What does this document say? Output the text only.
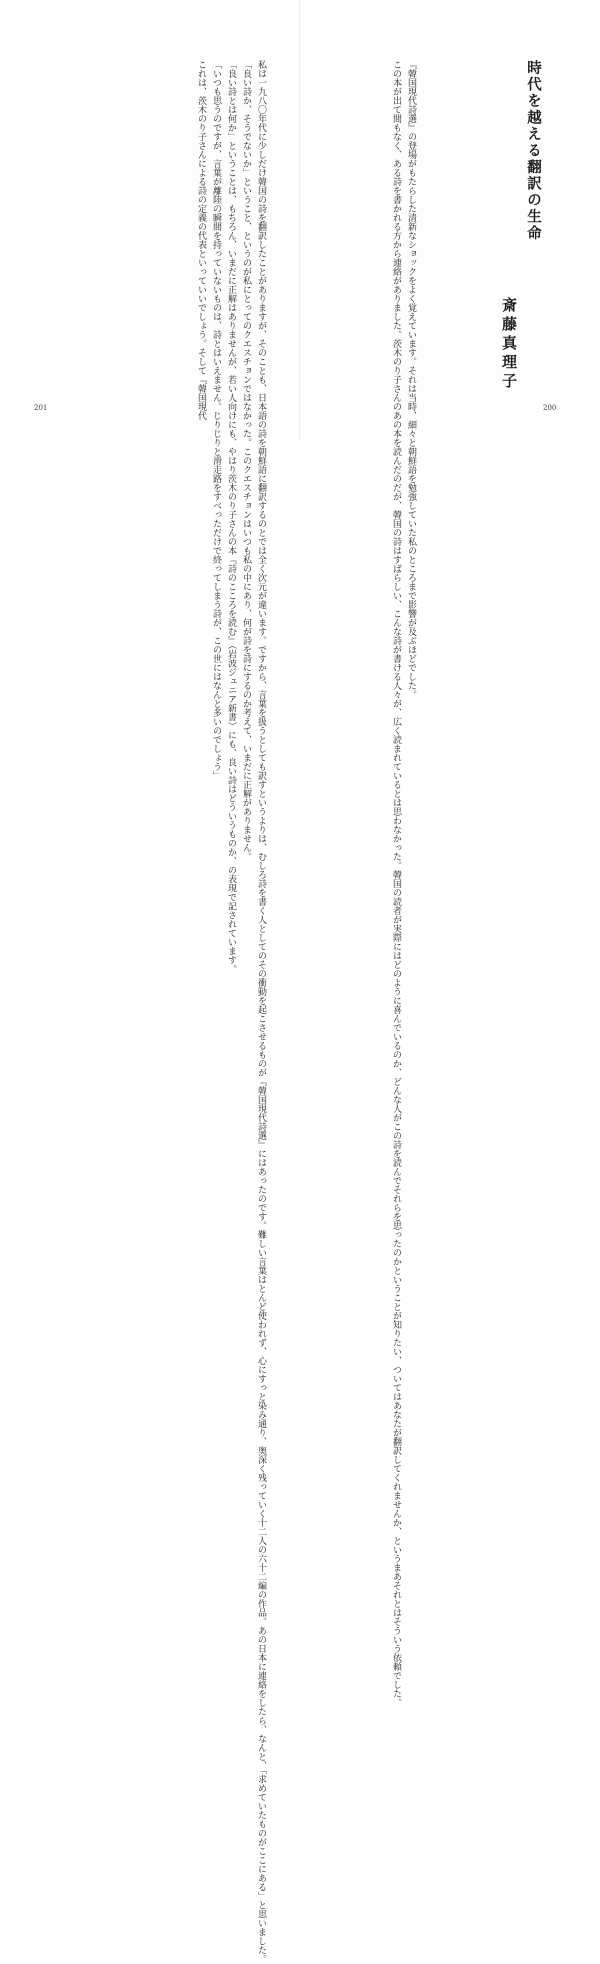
私は一九八〇年代に少しだけ韓国の詩を翻訳したことがありますが、そのことも、日本語の詩を朝鮮語に翻訳するのとでは全く次元が違います。ですから、言葉を扱うとしても訳すというよりは、むしろ詩を書く人としてのその衝動を起こさせるものが『韓国現代詩選』にはあったのです。難しい言葉はとんど使われず、心にすっと染み通り、奥深く残っていく十二人の六十二編の作品。あの日本に連絡をしたら、なんと、「求めていたものがここにある」と思いました。

「良い詩か、そうでないか」ということ、というのが私にとってのクエスチョンではなかった。このクエスチョンはいつも私の中にあり、何が詩を詩にするのか考えて、いまだに正解がありません。

「良い詩とは何か」ということは、もちろん、いまだに正解はありませんが、若い人向けにも、やはり茨木のり子さんの本『詩のこころを読む』（岩波ジュニア新書）にも、良い詩はどういうものか、の表現で記されています。

「いつも思うのですが、言葉が離陸の瞬間を持っていないものは、詩とはいえません。じりじりと滑走路をすべっただけで終ってしまう詩が、この世にはなんと多いのでしょう」

これは、茨木のり子さんによる詩の定義の代表といっていいでしょう。そして『韓国現代

201
時代を越える翻訳の生命
斎藤真理子

『韓国現代詩選』の登場がもたらした清新なショックをよく覚えています。それは当時、細々と朝鮮語を勉強していた私のところまで影響が及ぶほどでした。

この本が出て間もなく、ある詩を書かれる方から連絡がありました。茨木のり子さんのあの本を読んだのだが、韓国の詩はすばらしい、こんな詩が書ける人々が、広く読まれているとは思わなかった。韓国の読者が実際にはどのように喜んでいるのか、どんな人がこの詩を読んでそれらを思ったのかということが知りたい、ついてはあなたが翻訳してくれませんか、というまあそれとはそういう依頼でした。	200
